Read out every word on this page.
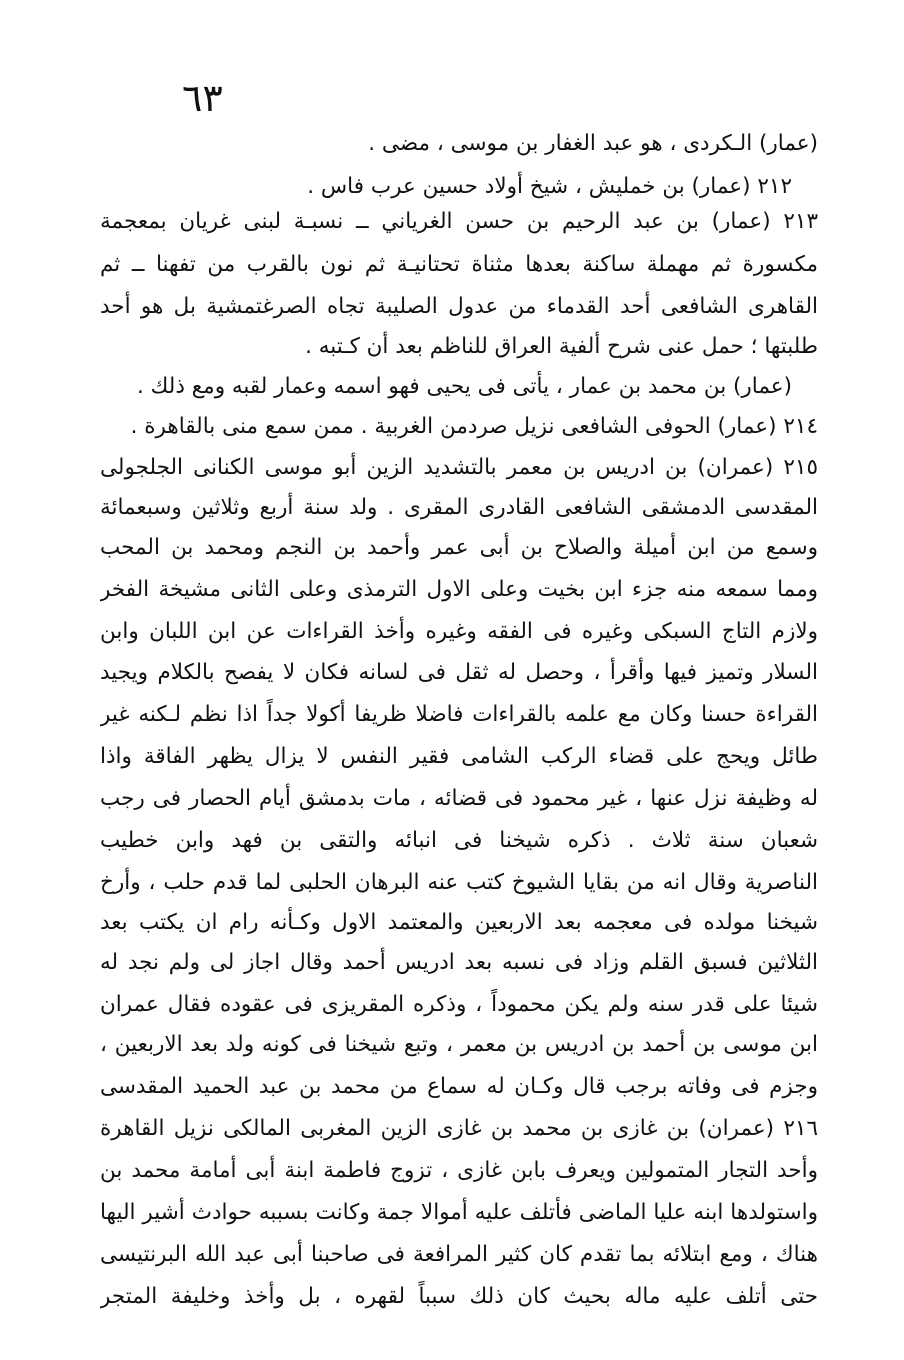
٦٣
(عمار) الـكردى ، هو عبد الغفار بن موسى ، مضى .
٢١٢ (عمار) بن خمليش ، شيخ أولاد حسين عرب فاس .
٢١٣ (عمار) بن عبد الرحيم بن حسن الغرياني ــ نسبـة لبنى غريان بمعجمة
مكسورة ثم مهملة ساكنة بعدها مثناة تحتانيـة ثم نون بالقرب من تفهنا ــ ثم
القاهرى الشافعى أحد القدماء من عدول الصليبة تجاه الصرغتمشية بل هو أحد
طلبتها ؛ حمل عنى شرح ألفية العراق للناظم بعد أن كـتبه .
(عمار) بن محمد بن عمار ، يأتى فى يحيى فهو اسمه وعمار لقبه ومع ذلك .
٢١٤ (عمار) الحوفى الشافعى نزيل صردمن الغربية . ممن سمع منى بالقاهرة .
٢١٥ (عمران) بن ادريس بن معمر بالتشديد الزين أبو موسى الكنانى الجلجولى
المقدسى الدمشقى الشافعى القادرى المقرى . ولد سنة أربع وثلاثين وسبعمائة
وسمع من ابن أميلة والصلاح بن أبى عمر وأحمد بن النجم ومحمد بن المحب
ومما سمعه منه جزء ابن بخيت وعلى الاول الترمذى وعلى الثانى مشيخة الفخر
ولازم التاج السبكى وغيره فى الفقه وغيره وأخذ القراءات عن ابن اللبان وابن
السلار وتميز فيها وأقرأ ، وحصل له ثقل فى لسانه فكان لا يفصح بالكلام ويجيد
القراءة حسنا وكان مع علمه بالقراءات فاضلا ظريفا أكولا جداً اذا نظم لـكنه غير
طائل ويحج على قضاء الركب الشامى فقير النفس لا يزال يظهر الفاقة واذا
له وظيفة نزل عنها ، غير محمود فى قضائه ، مات بدمشق أيام الحصار فى رجب
شعبان سنة ثلاث . ذكره شيخنا فى انبائه والتقى بن فهد وابن خطيب
الناصرية وقال انه من بقايا الشيوخ كتب عنه البرهان الحلبى لما قدم حلب ، وأرخ
شيخنا مولده فى معجمه بعد الاربعين والمعتمد الاول وكـأنه رام ان يكتب بعد
الثلاثين فسبق القلم وزاد فى نسبه بعد ادريس أحمد وقال اجاز لى ولم نجد له
شيئا على قدر سنه ولم يكن محموداً ، وذكره المقريزى فى عقوده فقال عمران
ابن موسى بن أحمد بن ادريس بن معمر ، وتبع شيخنا فى كونه ولد بعد الاربعين ،
وجزم فى وفاته برجب قال وكـان له سماع من محمد بن عبد الحميد المقدسى
٢١٦ (عمران) بن غازى بن محمد بن غازى الزين المغربى المالكى نزيل القاهرة
وأحد التجار المتمولين ويعرف بابن غازى ، تزوج فاطمة ابنة أبى أمامة محمد بن
واستولدها ابنه عليا الماضى فأتلف عليه أموالا جمة وكانت بسببه حوادث أشير اليها
هناك ، ومع ابتلائه بما تقدم كان كثير المرافعة فى صاحبنا أبى عبد الله البرنتيسى
حتى أتلف عليه ماله بحيث كان ذلك سبباً لقهره ، بل وأخذ وخليفة المتجر
